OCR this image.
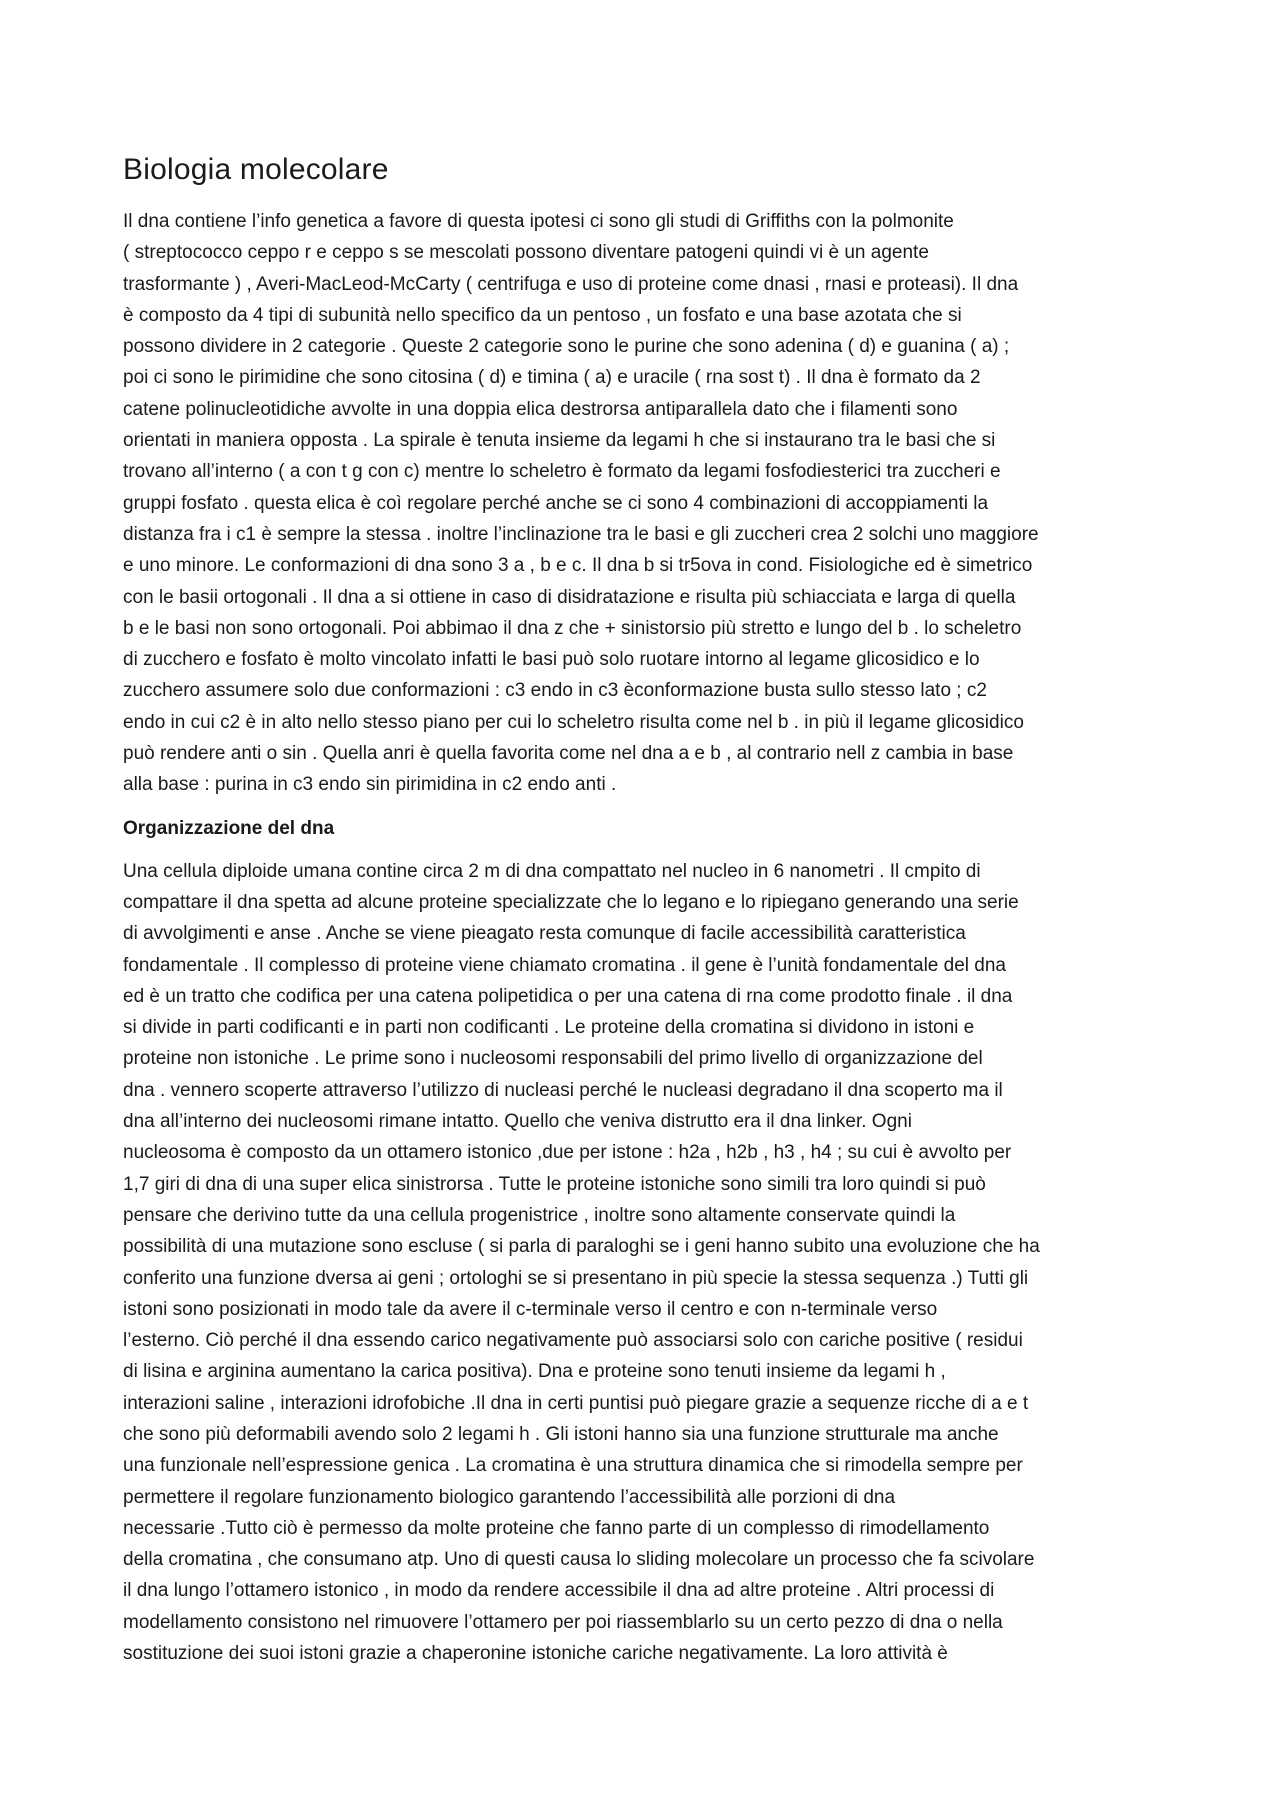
Biologia molecolare
Il dna contiene l’info genetica a favore di questa ipotesi ci sono gli studi di Griffiths con la polmonite
( streptococco ceppo r e ceppo s se mescolati possono diventare patogeni quindi vi è un agente
trasformante ) , Averi-MacLeod-McCarty ( centrifuga e uso di proteine come dnasi , rnasi e proteasi). Il dna
è composto da 4 tipi di subunità nello specifico da un pentoso , un fosfato e una base azotata che si
possono dividere in 2 categorie . Queste 2 categorie sono le purine che sono adenina ( d) e guanina ( a) ;
poi ci sono le pirimidine che sono citosina ( d) e timina ( a) e uracile ( rna sost t) . Il dna è formato da 2
catene polinucleotidiche avvolte in una doppia elica destrorsa antiparallela dato che i filamenti sono
orientati in maniera opposta . La spirale è tenuta insieme da legami h che si instaurano tra le basi che si
trovano all’interno ( a con t g con c) mentre lo scheletro è formato da legami fosfodiesterici tra zuccheri e
gruppi fosfato . questa elica è coì regolare perché anche se ci sono 4 combinazioni di accoppiamenti la
distanza fra i c1 è sempre la stessa . inoltre l’inclinazione tra le basi e gli zuccheri crea 2 solchi uno maggiore
e uno minore. Le conformazioni di dna sono 3 a , b e c. Il dna b si tr5ova in cond. Fisiologiche ed è simetrico
con le basii ortogonali . Il dna a si ottiene in caso di disidratazione e risulta più schiacciata e larga di quella
b e le basi non sono ortogonali. Poi abbimao il dna z che + sinistorsio più stretto e lungo del b . lo scheletro
di zucchero e fosfato è molto vincolato infatti le basi può solo ruotare intorno al legame glicosidico e lo
zucchero assumere solo due conformazioni : c3 endo in c3 èconformazione busta sullo stesso lato ; c2
endo in cui c2 è in alto nello stesso piano per cui lo scheletro risulta come nel b . in più il legame glicosidico
può rendere anti o sin . Quella anri è quella favorita come nel dna a e b , al contrario nell z cambia in base
alla base : purina in c3 endo sin pirimidina in c2 endo anti .
Organizzazione del dna
Una cellula diploide umana contine circa 2 m di dna compattato nel nucleo in 6 nanometri . Il cmpito di
compattare il dna spetta ad alcune proteine specializzate che lo legano e lo ripiegano generando una serie
di avvolgimenti e anse . Anche se viene pieagato resta comunque di facile accessibilità caratteristica
fondamentale . Il complesso di proteine viene chiamato cromatina . il gene è l’unità fondamentale del dna
ed è un tratto che codifica per una catena polipetidica o per una catena di rna come prodotto finale . il dna
si divide in parti codificanti e in parti non codificanti . Le proteine della cromatina si dividono in istoni e
proteine non istoniche . Le prime sono i nucleosomi responsabili del primo livello di organizzazione del
dna . vennero scoperte attraverso l’utilizzo di nucleasi perché le nucleasi degradano il dna scoperto ma il
dna all’interno dei nucleosomi rimane intatto. Quello che veniva distrutto era il dna linker. Ogni
nucleosoma è composto da un ottamero istonico ,due per istone : h2a , h2b , h3 , h4 ; su cui è avvolto per
1,7 giri di dna di una super elica sinistrorsa . Tutte le proteine istoniche sono simili tra loro quindi si può
pensare che derivino tutte da una cellula progenistrice , inoltre sono altamente conservate quindi la
possibilità di una mutazione sono escluse ( si parla di paraloghi se i geni hanno subito una evoluzione che ha
conferito una funzione dversa ai geni ; ortologhi se si presentano in più specie la stessa sequenza .) Tutti gli
istoni sono posizionati in modo tale da avere il c-terminale verso il centro e con n-terminale verso
l’esterno. Ciò perché il dna essendo carico negativamente può associarsi solo con cariche positive ( residui
di lisina e arginina aumentano la carica positiva). Dna e proteine sono tenuti insieme da legami h ,
interazioni saline , interazioni idrofobiche .Il dna in certi puntisi può piegare grazie a sequenze ricche di a e t
che sono più deformabili avendo solo 2 legami h . Gli istoni hanno sia una funzione strutturale ma anche
una funzionale nell’espressione genica . La cromatina è una struttura dinamica che si rimodella sempre per
permettere il regolare funzionamento biologico garantendo l’accessibilità alle porzioni di dna
necessarie .Tutto ciò è permesso da molte proteine che fanno parte di un complesso di rimodellamento
della cromatina , che consumano atp. Uno di questi causa lo sliding molecolare un processo che fa scivolare
il dna lungo l’ottamero istonico , in modo da rendere accessibile il dna ad altre proteine . Altri processi di
modellamento consistono nel rimuovere l’ottamero per poi riassemblarlo su un certo pezzo di dna o nella
sostituzione dei suoi istoni grazie a chaperonine istoniche cariche negativamente. La loro attività è
